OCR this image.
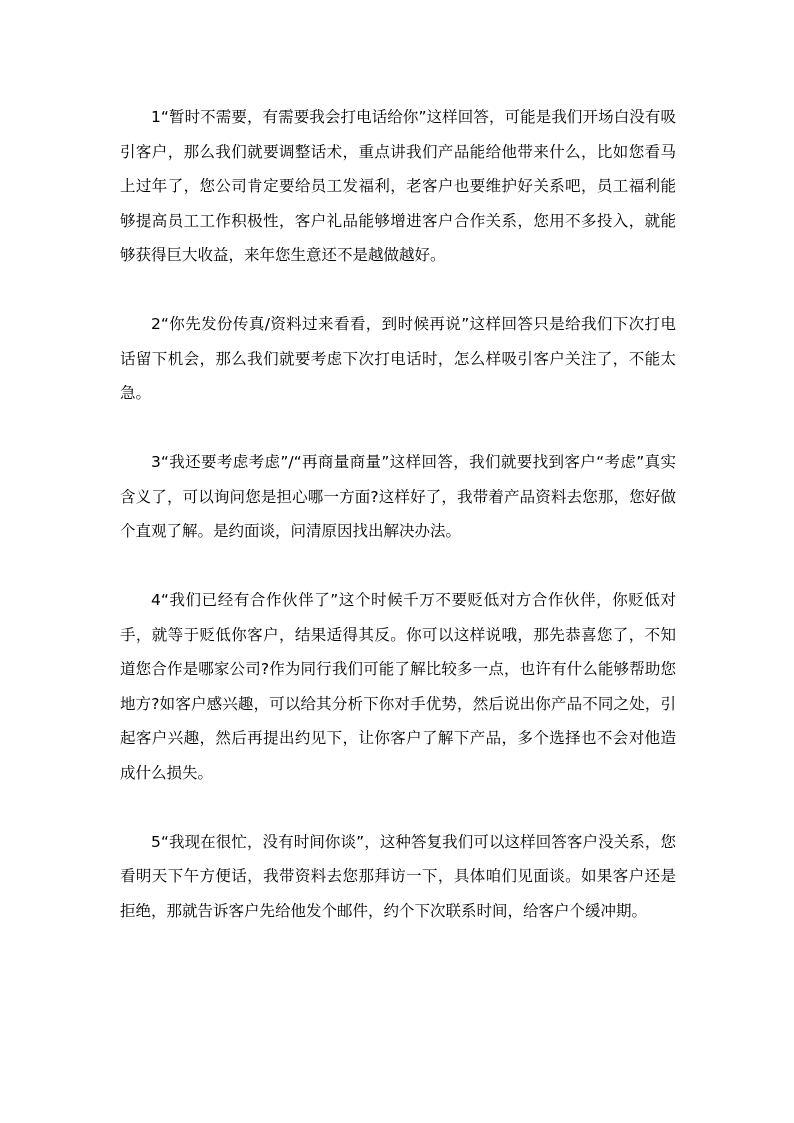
1“暂时不需要，有需要我会打电话给你”这样回答，可能是我们开场白没有吸引客户，那么我们就要调整话术，重点讲我们产品能给他带来什么，比如您看马上过年了，您公司肯定要给员工发福利，老客户也要维护好关系吧，员工福利能够提高员工工作积极性，客户礼品能够增进客户合作关系，您用不多投入，就能够获得巨大收益，来年您生意还不是越做越好。

2“你先发份传真/资料过来看看，到时候再说”这样回答只是给我们下次打电话留下机会，那么我们就要考虑下次打电话时，怎么样吸引客户关注了，不能太急。

3“我还要考虑考虑”/“再商量商量”这样回答，我们就要找到客户“考虑”真实含义了，可以询问您是担心哪一方面?这样好了，我带着产品资料去您那，您好做个直观了解。是约面谈，问清原因找出解决办法。

4“我们已经有合作伙伴了”这个时候千万不要贬低对方合作伙伴，你贬低对手，就等于贬低你客户，结果适得其反。你可以这样说哦，那先恭喜您了，不知道您合作是哪家公司?作为同行我们可能了解比较多一点，也许有什么能够帮助您地方?如客户感兴趣，可以给其分析下你对手优势，然后说出你产品不同之处，引起客户兴趣，然后再提出约见下，让你客户了解下产品，多个选择也不会对他造成什么损失。

5“我现在很忙，没有时间你谈”，这种答复我们可以这样回答客户没关系，您看明天下午方便话，我带资料去您那拜访一下，具体咱们见面谈。如果客户还是拒绝，那就告诉客户先给他发个邮件，约个下次联系时间，给客户个缓冲期。
